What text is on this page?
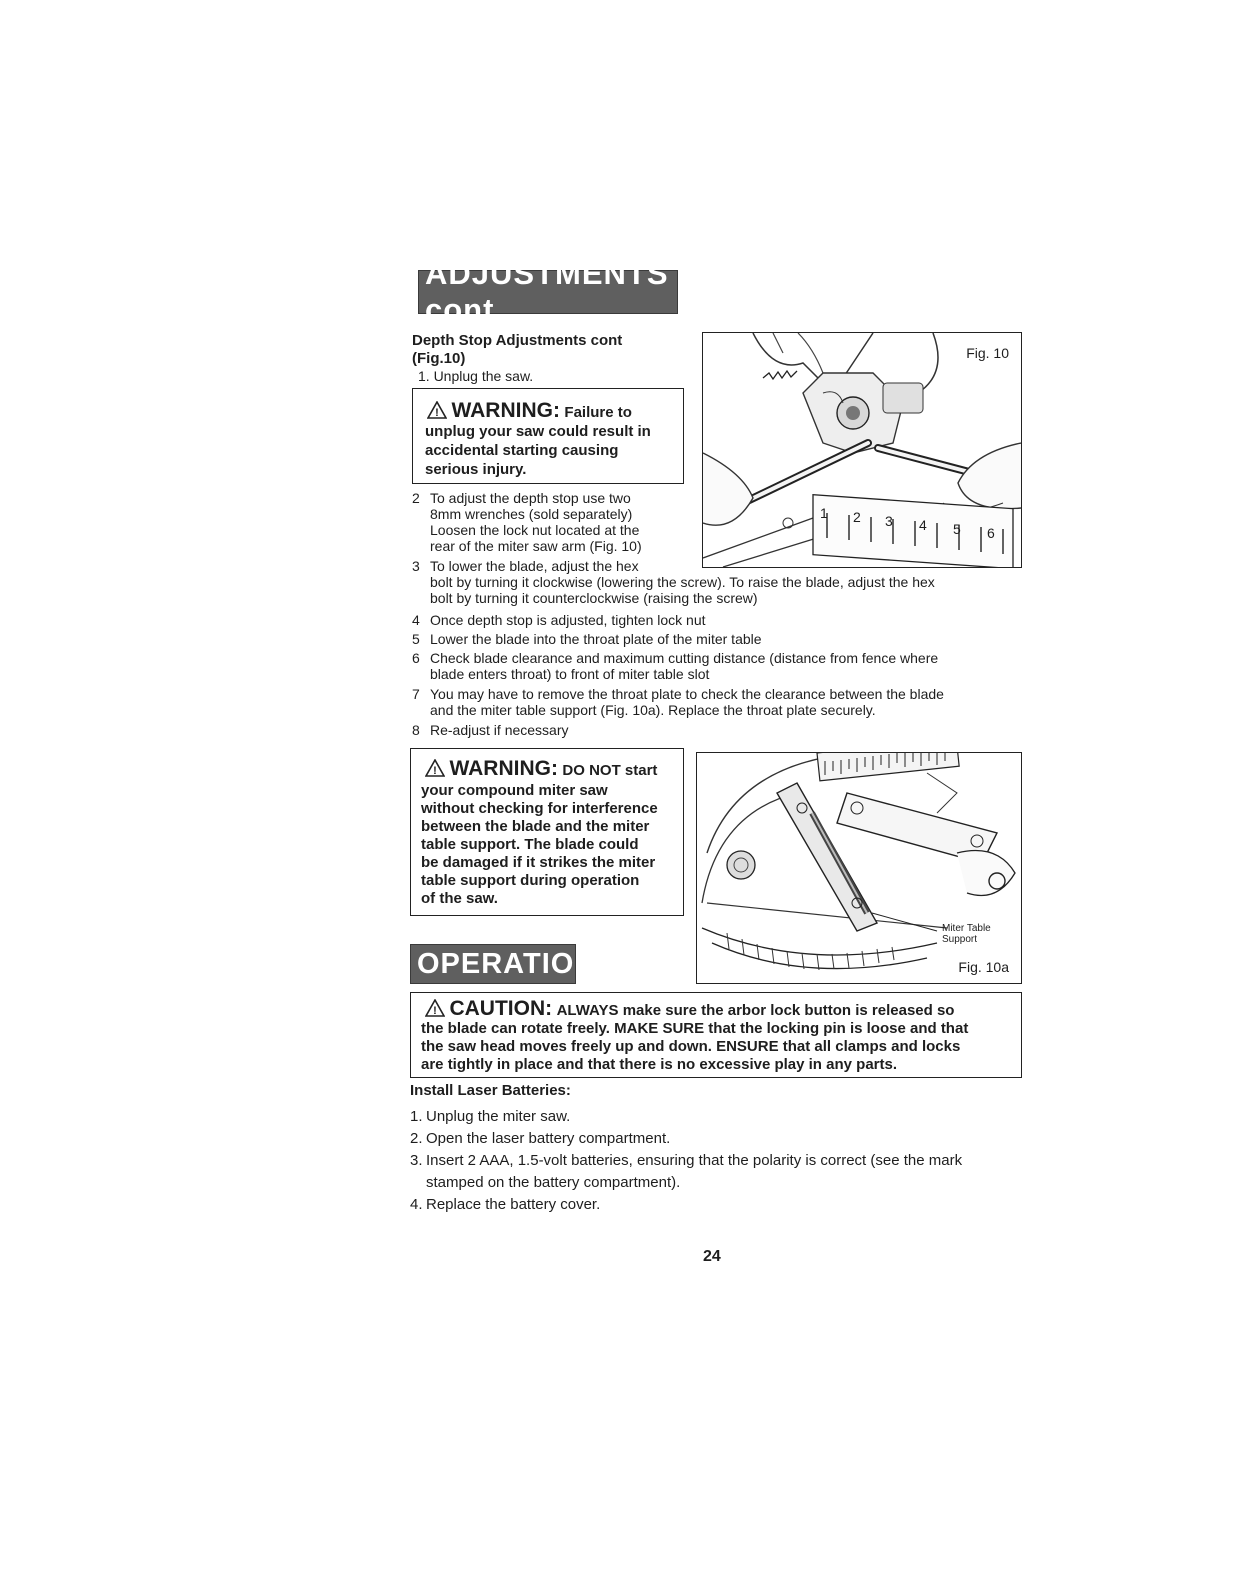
ADJUSTMENTS cont.
Depth Stop Adjustments cont
(Fig.10)
1. Unplug the saw.
! WARNING: Failure to
unplug your saw could result in
accidental starting causing
serious injury.
Fig. 10
1 2 3 4 5 6
2 To adjust the depth stop use two
8mm wrenches (sold separately)
Loosen the lock nut located at the
rear of the miter saw arm (Fig. 10)
3 To lower the blade, adjust the hex
bolt by turning it clockwise (lowering the screw). To raise the blade, adjust the hex
bolt by turning it counterclockwise (raising the screw)
4 Once depth stop is adjusted, tighten lock nut
5 Lower the blade into the throat plate of the miter table
6 Check blade clearance and maximum cutting distance (distance from fence where
blade enters throat) to front of miter table slot
7 You may have to remove the throat plate to check the clearance between the blade
and the miter table support (Fig. 10a). Replace the throat plate securely.
8 Re-adjust if necessary
! WARNING: DO NOT start
your compound miter saw
without checking for interference
between the blade and the miter
table support. The blade could
be damaged if it strikes the miter
table support during operation
of the saw.
Miter Table
Support
Fig. 10a
OPERATION
! CAUTION: ALWAYS make sure the arbor lock button is released so
the blade can rotate freely. MAKE SURE that the locking pin is loose and that
the saw head moves freely up and down. ENSURE that all clamps and locks
are tightly in place and that there is no excessive play in any parts.
Install Laser Batteries:
1. Unplug the miter saw.
2. Open the laser battery compartment.
3. Insert 2 AAA, 1.5-volt batteries, ensuring that the polarity is correct (see the mark
stamped on the battery compartment).
4. Replace the battery cover.
24
